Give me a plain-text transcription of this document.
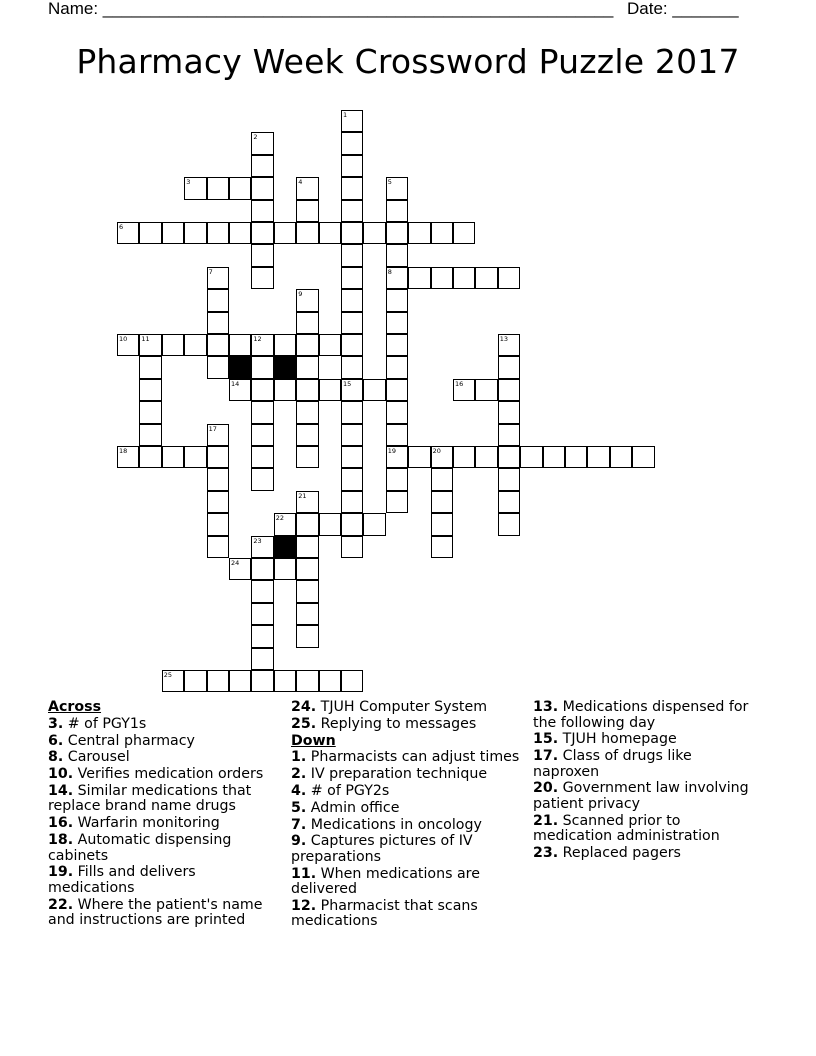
Name: ______________________________________________________ Date: _______
Pharmacy Week Crossword Puzzle 2017
1
2
3	4	5
8
19
6
7
9
10 11	12	13
14	15	16
17
18	20
21
22
23
24
25
Across
3. # of PGY1s
6. Central pharmacy
8. Carousel
10. Verifies medication orders
14. Similar medications that replace brand name drugs
16. Warfarin monitoring
18. Automatic dispensing cabinets
19. Fills and delivers medications
22. Where the patient's name and instructions are printed
24. TJUH Computer System
25. Replying to messages
Down
1. Pharmacists can adjust times
2. IV preparation technique
4. # of PGY2s
5. Admin office
7. Medications in oncology
9. Captures pictures of IV preparations
11. When medications are delivered
12. Pharmacist that scans medications
13. Medications dispensed for the following day
15. TJUH homepage
17. Class of drugs like naproxen
20. Government law involving patient privacy
21. Scanned prior to medication administration
23. Replaced pagers
